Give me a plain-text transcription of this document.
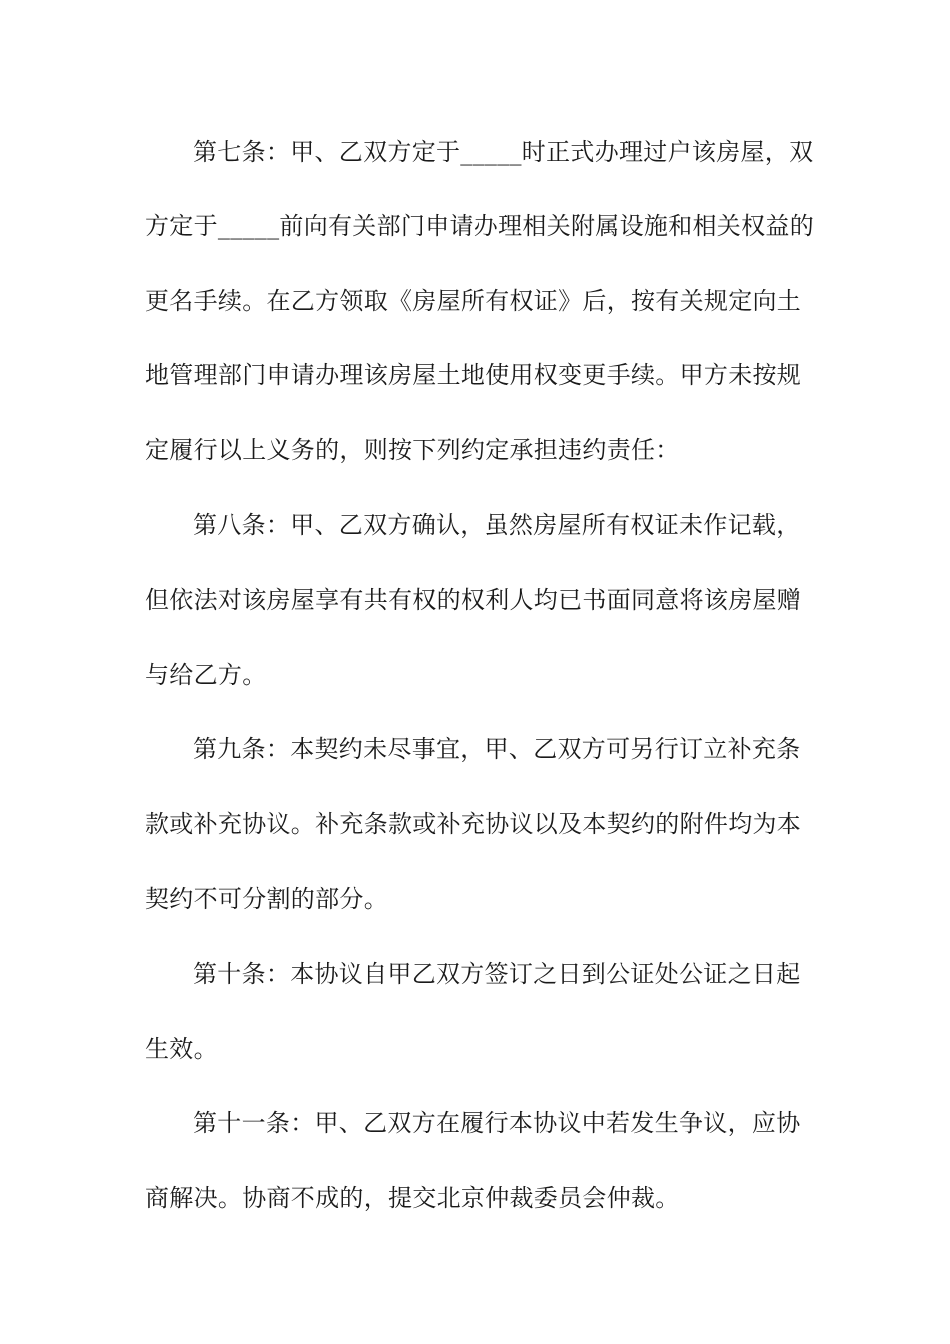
第七条：甲、乙双方定于_____时正式办理过户该房屋，双
方定于_____前向有关部门申请办理相关附属设施和相关权益的
更名手续。在乙方领取《房屋所有权证》后，按有关规定向土
地管理部门申请办理该房屋土地使用权变更手续。甲方未按规
定履行以上义务的，则按下列约定承担违约责任：
第八条：甲、乙双方确认，虽然房屋所有权证未作记载，
但依法对该房屋享有共有权的权利人均已书面同意将该房屋赠
与给乙方。
第九条：本契约未尽事宜，甲、乙双方可另行订立补充条
款或补充协议。补充条款或补充协议以及本契约的附件均为本
契约不可分割的部分。
第十条：本协议自甲乙双方签订之日到公证处公证之日起
生效。
第十一条：甲、乙双方在履行本协议中若发生争议，应协
商解决。协商不成的，提交北京仲裁委员会仲裁。
